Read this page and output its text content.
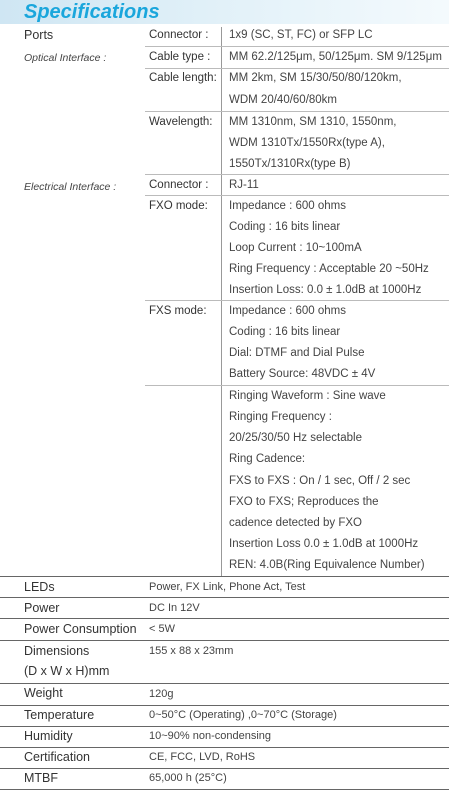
Specifications
Ports
Optical Interface :
Connector : 1x9 (SC, ST, FC) or SFP LC
Cable type : MM 62.2/125μm, 50/125μm. SM 9/125μm
Cable length: MM 2km, SM 15/30/50/80/120km,
WDM 20/40/60/80km
Wavelength: MM 1310nm, SM 1310, 1550nm,
WDM 1310Tx/1550Rx(type A),
1550Tx/1310Rx(type B)
Electrical Interface :	Connector : RJ-11
FXO mode: Impedance : 600 ohms
Coding : 16 bits linear
Loop Current : 10~100mA
Ring Frequency : Acceptable 20 ~50Hz
Insertion Loss: 0.0 ± 1.0dB at 1000Hz
FXS mode: Impedance : 600 ohms
Coding : 16 bits linear
Dial: DTMF and Dial Pulse
Battery Source: 48VDC ± 4V
Ringing Waveform : Sine wave
Ringing Frequency :
20/25/30/50 Hz selectable
Ring Cadence:
FXS to FXS : On / 1 sec, Off / 2 sec
FXO to FXS; Reproduces the
cadence detected by FXO
Insertion Loss 0.0 ± 1.0dB at 1000Hz
REN: 4.0B(Ring Equivalence Number)
LEDs	Power, FX Link, Phone Act, Test
Power	DC In 12V
Power Consumption < 5W
Dimensions
(D x W x H)mm
155 x 88 x 23mm
Weight	120g
Temperature	0~50°C (Operating) ,0~70°C (Storage)
Humidity	10~90% non-condensing
Certification	CE, FCC, LVD, RoHS
MTBF	65,000 h (25°C)
